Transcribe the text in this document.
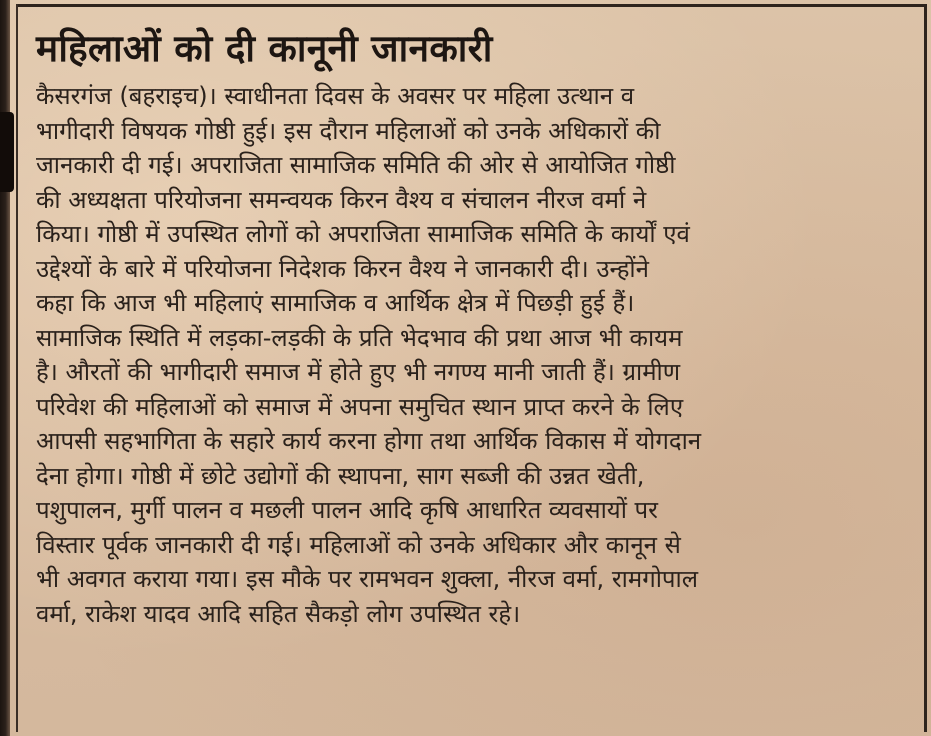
महिलाओं को दी कानूनी जानकारी
कैसरगंज (बहराइच)। स्वाधीनता दिवस के अवसर पर महिला उत्थान व
भागीदारी विषयक गोष्ठी हुई। इस दौरान महिलाओं को उनके अधिकारों की
जानकारी दी गई। अपराजिता सामाजिक समिति की ओर से आयोजित गोष्ठी
की अध्यक्षता परियोजना समन्वयक किरन वैश्य व संचालन नीरज वर्मा ने
किया। गोष्ठी में उपस्थित लोगों को अपराजिता सामाजिक समिति के कार्यों एवं
उद्देश्यों के बारे में परियोजना निदेशक किरन वैश्य ने जानकारी दी। उन्होंने
कहा कि आज भी महिलाएं सामाजिक व आर्थिक क्षेत्र में पिछड़ी हुई हैं।
सामाजिक स्थिति में लड़का-लड़की के प्रति भेदभाव की प्रथा आज भी कायम
है। औरतों की भागीदारी समाज में होते हुए भी नगण्य मानी जाती हैं। ग्रामीण
परिवेश की महिलाओं को समाज में अपना समुचित स्थान प्राप्त करने के लिए
आपसी सहभागिता के सहारे कार्य करना होगा तथा आर्थिक विकास में योगदान
देना होगा। गोष्ठी में छोटे उद्योगों की स्थापना, साग सब्जी की उन्नत खेती,
पशुपालन, मुर्गी पालन व मछली पालन आदि कृषि आधारित व्यवसायों पर
विस्तार पूर्वक जानकारी दी गई। महिलाओं को उनके अधिकार और कानून से
भी अवगत कराया गया। इस मौके पर रामभवन शुक्ला, नीरज वर्मा, रामगोपाल
वर्मा, राकेश यादव आदि सहित सैकड़ो लोग उपस्थित रहे।
